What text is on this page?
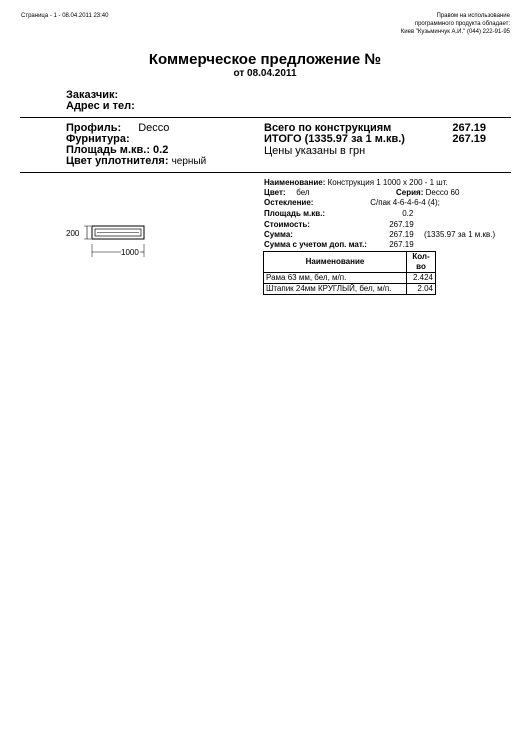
Страница - 1 - 08.04.2011 23:40	Правом на использование
программного продукта обладает:
Киев "Кузьминчук А.И." (044) 222-91-95
Коммерческое предложение №
от 08.04.2011
Заказчик:
Адрес и тел:
Профиль: Decco
Фурнитура:
Площадь м.кв.: 0.2
Цвет уплотнителя: черный
Всего по конструкциям	267.19
ИТОГО (1335.97 за 1 м.кв.)	267.19
Цены указаны в грн
200
1000
Наименование: Конструкция 1 1000 х 200 - 1 шт.
Цвет: бел	Серия: Decco 60
Остекление:	С/пак 4-6-4-6-4 (4);
Площадь м.кв.:	0.2
Стоимость:	267.19
Сумма:	267.19 (1335.97 за 1 м.кв.)
Сумма с учетом доп. мат.:	267.19
Наименование	Кол-во
Рама 63 мм, бел, м/п.	2.424
Штапик 24мм КРУГЛЫЙ, бел, м/п.	2.04
